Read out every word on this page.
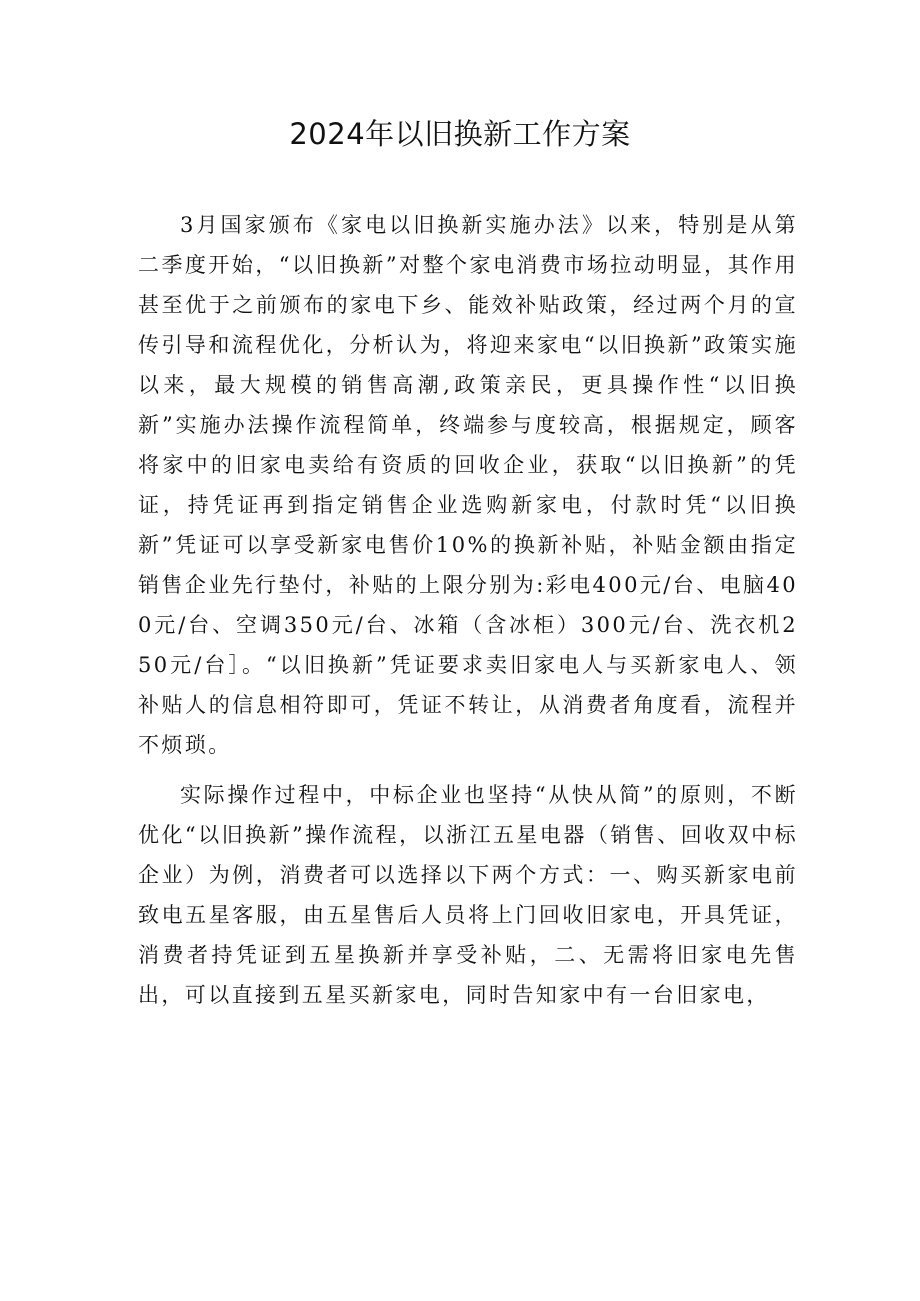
2024年以旧换新工作方案

3月国家颁布《家电以旧换新实施办法》以来，特别是从第二季度开始，“以旧换新”对整个家电消费市场拉动明显，其作用甚至优于之前颁布的家电下乡、能效补贴政策，经过两个月的宣传引导和流程优化，分析认为，将迎来家电“以旧换新”政策实施以来，最大规模的销售高潮,政策亲民，更具操作性“以旧换新”实施办法操作流程简单，终端参与度较高，根据规定，顾客将家中的旧家电卖给有资质的回收企业，获取“以旧换新”的凭证，持凭证再到指定销售企业选购新家电，付款时凭“以旧换新”凭证可以享受新家电售价10%的换新补贴，补贴金额由指定销售企业先行垫付，补贴的上限分别为:彩电400元/台、电脑400元/台、空调350元/台、冰箱（含冰柜）300元/台、洗衣机250元/台］。“以旧换新”凭证要求卖旧家电人与买新家电人、领补贴人的信息相符即可，凭证不转让，从消费者角度看，流程并不烦琐。

实际操作过程中，中标企业也坚持“从快从简”的原则，不断优化“以旧换新”操作流程，以浙江五星电器（销售、回收双中标企业）为例，消费者可以选择以下两个方式：一、购买新家电前致电五星客服，由五星售后人员将上门回收旧家电，开具凭证，消费者持凭证到五星换新并享受补贴，二、无需将旧家电先售出，可以直接到五星买新家电，同时告知家中有一台旧家电，
